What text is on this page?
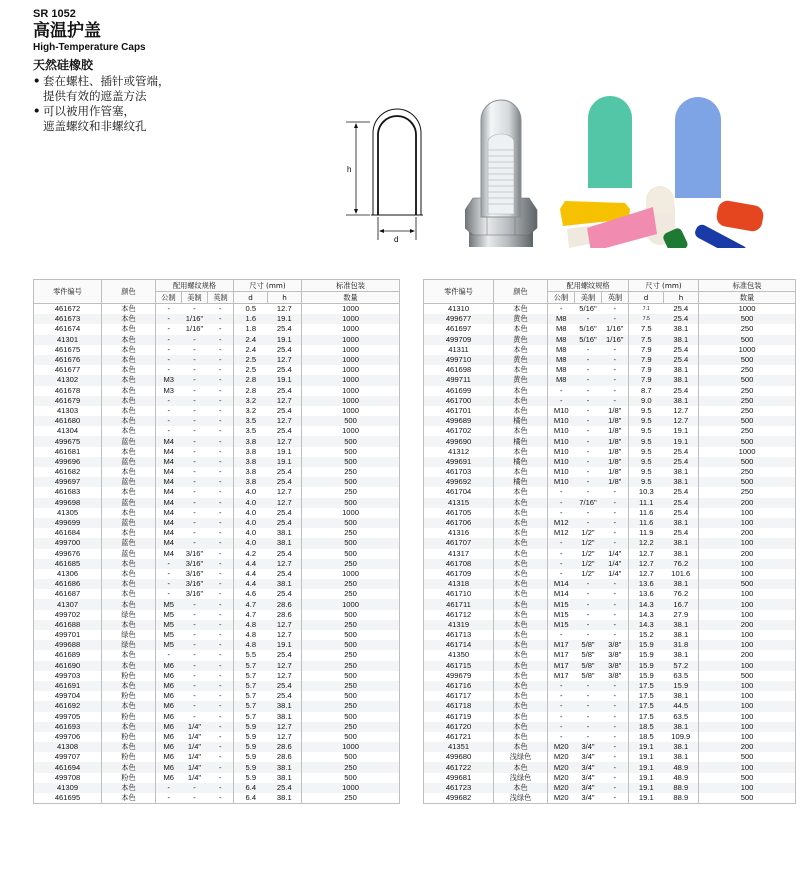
SR 1052
高温护盖
High-Temperature Caps
天然硅橡胶
• 套在螺柱、插针或管端，
提供有效的遮盖方法
• 可以被用作管塞，
遮盖螺纹和非螺纹孔
h
d
零件编号	颜色	配用螺纹规格			尺寸 (mm)		标准包装
		公制	美制	英制	d	h	数量
461672	本色	-	-	-	0.5	12.7	1000
461673	本色	-	1/16"	-	1.6	19.1	1000
461674	本色	-	1/16"	-	1.8	25.4	1000
41301	本色	-	-	-	2.4	19.1	1000
461675	本色	-	-	-	2.4	25.4	1000
461676	本色	-	-	-	2.5	12.7	1000
461677	本色	-	-	-	2.5	25.4	1000
41302	本色	M3	-	-	2.8	19.1	1000
461678	本色	M3	-	-	2.8	25.4	1000
461679	本色	-	-	-	3.2	12.7	1000
41303	本色	-	-	-	3.2	25.4	1000
461680	本色	-	-	-	3.5	12.7	500
41304	本色	-	-	-	3.5	25.4	1000
499675	蓝色	M4	-	-	3.8	12.7	500
461681	本色	M4	-	-	3.8	19.1	500
499696	蓝色	M4	-	-	3.8	19.1	500
461682	本色	M4	-	-	3.8	25.4	250
499697	蓝色	M4	-	-	3.8	25.4	500
461683	本色	M4	-	-	4.0	12.7	250
499698	蓝色	M4	-	-	4.0	12.7	500
41305	本色	M4	-	-	4.0	25.4	1000
499699	蓝色	M4	-	-	4.0	25.4	500
461684	本色	M4	-	-	4.0	38.1	250
499700	蓝色	M4	-	-	4.0	38.1	500
499676	蓝色	M4	3/16"	-	4.2	25.4	500
461685	本色	-	3/16"	-	4.4	12.7	250
41306	本色	-	3/16"	-	4.4	25.4	1000
461686	本色	-	3/16"	-	4.4	38.1	250
461687	本色	-	3/16"	-	4.6	25.4	250
41307	本色	M5	-	-	4.7	28.6	1000
499702	绿色	M5	-	-	4.7	28.6	500
461688	本色	M5	-	-	4.8	12.7	250
499701	绿色	M5	-	-	4.8	12.7	500
499688	绿色	M5	-	-	4.8	19.1	500
461689	本色	-	-	-	5.5	25.4	250
461690	本色	M6	-	-	5.7	12.7	250
499703	粉色	M6	-	-	5.7	12.7	500
461691	本色	M6	-	-	5.7	25.4	250
499704	粉色	M6	-	-	5.7	25.4	500
461692	本色	M6	-	-	5.7	38.1	250
499705	粉色	M6	-	-	5.7	38.1	500
461693	本色	M6	1/4"	-	5.9	12.7	250
499706	粉色	M6	1/4"	-	5.9	12.7	500
41308	本色	M6	1/4"	-	5.9	28.6	1000
499707	粉色	M6	1/4"	-	5.9	28.6	500
461694	本色	M6	1/4"	-	5.9	38.1	250
499708	粉色	M6	1/4"	-	5.9	38.1	500
41309	本色	-	-	-	6.4	25.4	1000
461695	本色	-	-	-	6.4	38.1	250
零件编号	颜色	配用螺纹规格			尺寸 (mm)		标准包装
		公制	美制	英制	d	h	数量
41310	本色	-	5/16"	-	7.1	25.4	1000
499677	黄色	M8	-	-	7.5	25.4	500
461697	本色	M8	5/16"	1/16"	7.5	38.1	250
499709	黄色	M8	5/16"	1/16"	7.5	38.1	500
41311	本色	M8	-	-	7.9	25.4	1000
499710	黄色	M8	-	-	7.9	25.4	500
461698	本色	M8	-	-	7.9	38.1	250
499711	黄色	M8	-	-	7.9	38.1	500
461699	本色	-	-	-	8.7	25.4	250
461700	本色	-	-	-	9.0	38.1	250
461701	本色	M10	-	1/8"	9.5	12.7	250
499689	橘色	M10	-	1/8"	9.5	12.7	500
461702	本色	M10	-	1/8"	9.5	19.1	250
499690	橘色	M10	-	1/8"	9.5	19.1	500
41312	本色	M10	-	1/8"	9.5	25.4	1000
499691	橘色	M10	-	1/8"	9.5	25.4	500
461703	本色	M10	-	1/8"	9.5	38.1	250
499692	橘色	M10	-	1/8"	9.5	38.1	500
461704	本色	-	-	-	10.3	25.4	250
41315	本色	-	7/16"	-	11.1	25.4	200
461705	本色	-	-	-	11.6	25.4	100
461706	本色	M12	-	-	11.6	38.1	100
41316	本色	M12	1/2"	-	11.9	25.4	200
461707	本色	-	1/2"	-	12.2	38.1	100
41317	本色	-	1/2"	1/4"	12.7	38.1	200
461708	本色	-	1/2"	1/4"	12.7	76.2	100
461709	本色	-	1/2"	1/4"	12.7	101.6	100
41318	本色	M14	-	-	13.6	38.1	500
461710	本色	M14	-	-	13.6	76.2	100
461711	本色	M15	-	-	14.3	16.7	100
461712	本色	M15	-	-	14.3	27.9	100
41319	本色	M15	-	-	14.3	38.1	200
461713	本色	-	-	-	15.2	38.1	100
461714	本色	M17	5/8"	3/8"	15.9	31.8	100
41350	本色	M17	5/8"	3/8"	15.9	38.1	200
461715	本色	M17	5/8"	3/8"	15.9	57.2	100
499679	本色	M17	5/8"	3/8"	15.9	63.5	500
461716	本色	-	-	-	17.5	15.9	100
461717	本色	-	-	-	17.5	38.1	100
461718	本色	-	-	-	17.5	44.5	100
461719	本色	-	-	-	17.5	63.5	100
461720	本色	-	-	-	18.5	38.1	100
461721	本色	-	-	-	18.5	109.9	100
41351	本色	M20	3/4"	-	19.1	38.1	200
499680	浅绿色	M20	3/4"	-	19.1	38.1	500
461722	本色	M20	3/4"	-	19.1	48.9	100
499681	浅绿色	M20	3/4"	-	19.1	48.9	500
461723	本色	M20	3/4"	-	19.1	88.9	100
499682	浅绿色	M20	3/4"	-	19.1	88.9	500
